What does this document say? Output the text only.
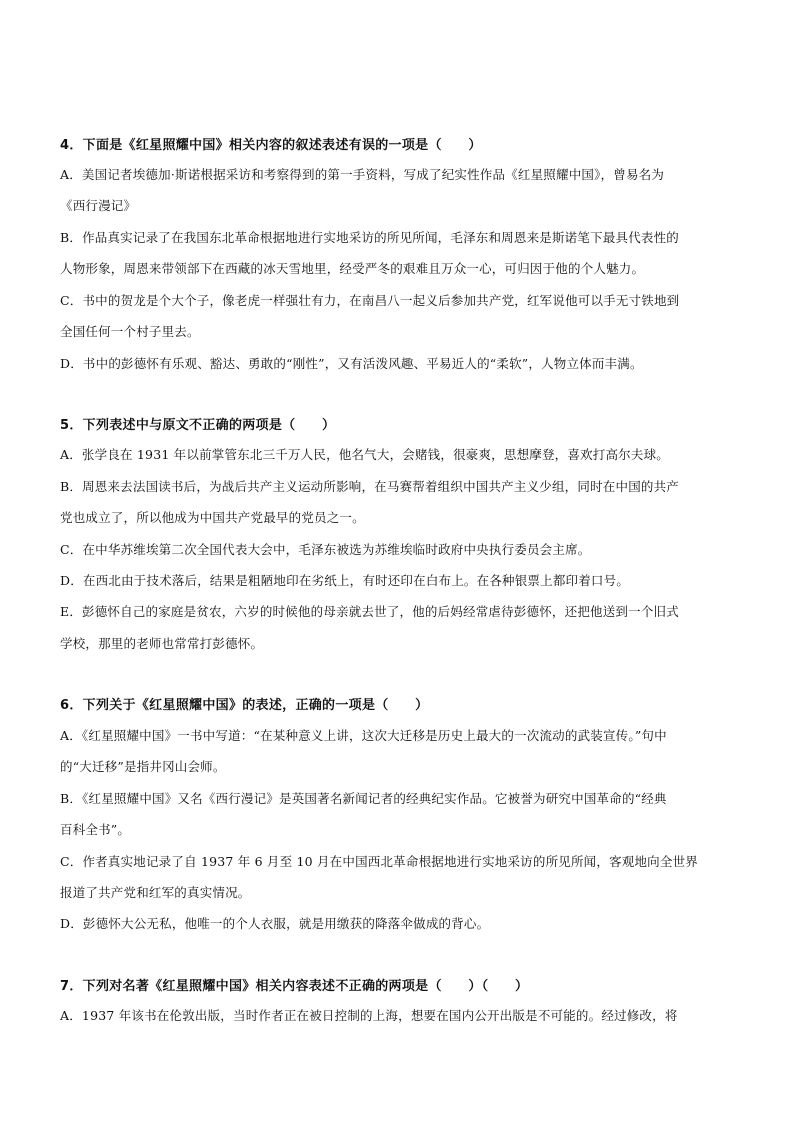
4．下面是《红星照耀中国》相关内容的叙述表述有误的一项是（　　）
A．美国记者埃德加·斯诺根据采访和考察得到的第一手资料，写成了纪实性作品《红星照耀中国》，曾易名为
《西行漫记》
B．作品真实记录了在我国东北革命根据地进行实地采访的所见所闻，毛泽东和周恩来是斯诺笔下最具代表性的
人物形象，周恩来带领部下在西藏的冰天雪地里，经受严冬的艰难且万众一心，可归因于他的个人魅力。
C．书中的贺龙是个大个子，像老虎一样强壮有力，在南昌八一起义后参加共产党，红军说他可以手无寸铁地到
全国任何一个村子里去。
D．书中的彭德怀有乐观、豁达、勇敢的“刚性”，又有活泼风趣、平易近人的“柔软”，人物立体而丰满。
5．下列表述中与原文不正确的两项是（　　）
A．张学良在 1931 年以前掌管东北三千万人民，他名气大，会赌钱，很豪爽，思想摩登，喜欢打高尔夫球。
B．周恩来去法国读书后，为战后共产主义运动所影响，在马赛帮着组织中国共产主义少组，同时在中国的共产
党也成立了，所以他成为中国共产党最早的党员之一。
C．在中华苏维埃第二次全国代表大会中，毛泽东被选为苏维埃临时政府中央执行委员会主席。
D．在西北由于技术落后，结果是粗陋地印在劣纸上，有时还印在白布上。在各种银票上都印着口号。
E．彭德怀自己的家庭是贫农，六岁的时候他的母亲就去世了，他的后妈经常虐待彭德怀，还把他送到一个旧式
学校，那里的老师也常常打彭德怀。
6．下列关于《红星照耀中国》的表述，正确的一项是（　　）
A．《红星照耀中国》一书中写道：“在某种意义上讲，这次大迁移是历史上最大的一次流动的武装宣传。”句中
的“大迁移”是指井冈山会师。
B．《红星照耀中国》又名《西行漫记》是英国著名新闻记者的经典纪实作品。它被誉为研究中国革命的“经典
百科全书”。
C．作者真实地记录了自 1937 年 6 月至 10 月在中国西北革命根据地进行实地采访的所见所闻，客观地向全世界
报道了共产党和红军的真实情况。
D．彭德怀大公无私，他唯一的个人衣服，就是用缴获的降落伞做成的背心。
7．下列对名著《红星照耀中国》相关内容表述不正确的两项是（　　）（　　）
A．1937 年该书在伦敦出版，当时作者正在被日控制的上海，想要在国内公开出版是不可能的。经过修改，将
